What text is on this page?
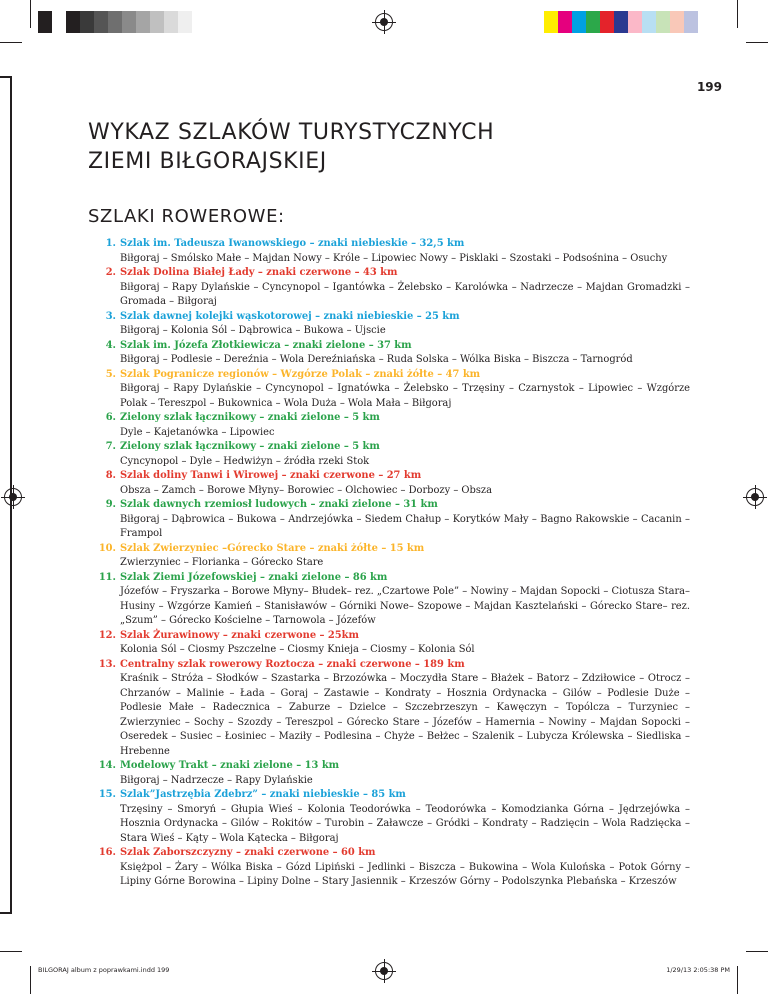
199
WYKAZ SZLAKÓW TURYSTYCZNYCH
ZIEMI BIŁGORAJSKIEJ
SZLAKI ROWEROWE:
1. Szlak im. Tadeusza Iwanowskiego – znaki niebieskie – 32,5 km
Biłgoraj – Smólsko Małe – Majdan Nowy – Króle – Lipowiec Nowy – Pisklaki – Szostaki – Podsośnina – Osuchy
2. Szlak Dolina Białej Łady – znaki czerwone – 43 km
Biłgoraj – Rapy Dylańskie – Cyncynopol – Igantówka – Żelebsko – Karolówka – Nadrzecze – Majdan Gromadzki – Gromada – Biłgoraj
3. Szlak dawnej kolejki wąskotorowej – znaki niebieskie – 25 km
Biłgoraj – Kolonia Sól – Dąbrowica – Bukowa – Ujscie
4. Szlak im. Józefa Złotkiewicza – znaki zielone – 37 km
Biłgoraj – Podlesie – Dereźnia – Wola Dereźniańska – Ruda Solska – Wólka Biska – Biszcza – Tarnogród
5. Szlak Pogranicze regionów – Wzgórze Polak – znaki żółte – 47 km
Biłgoraj – Rapy Dylańskie – Cyncynopol – Ignatówka – Żelebsko – Trzęsiny – Czarnystok – Lipowiec – Wzgórze Polak – Tereszpol – Bukownica – Wola Duża – Wola Mała – Biłgoraj
6. Zielony szlak łącznikowy – znaki zielone – 5 km
Dyle – Kajetanówka – Lipowiec
7. Zielony szlak łącznikowy – znaki zielone – 5 km
Cyncynopol – Dyle – Hedwiżyn – źródła rzeki Stok
8. Szlak doliny Tanwi i Wirowej – znaki czerwone – 27 km
Obsza – Zamch – Borowe Młyny– Borowiec – Olchowiec – Dorbozy – Obsza
9. Szlak dawnych rzemiosł ludowych – znaki zielone – 31 km
Biłgoraj – Dąbrowica – Bukowa – Andrzejówka – Siedem Chałup – Korytków Mały – Bagno Rakowskie – Cacanin – Frampol
10. Szlak Zwierzyniec –Górecko Stare – znaki żółte – 15 km
Zwierzyniec – Florianka – Górecko Stare
11. Szlak Ziemi Józefowskiej – znaki zielone – 86 km
Józefów – Fryszarka – Borowe Młyny– Błudek– rez. „Czartowe Pole” – Nowiny – Majdan Sopocki – Ciotusza Stara– Husiny – Wzgórze Kamień – Stanisławów – Górniki Nowe– Szopowe – Majdan Kasztelański – Górecko Stare– rez. „Szum” – Górecko Kościelne – Tarnowola – Józefów
12. Szlak Żurawinowy – znaki czerwone – 25km
Kolonia Sól – Ciosmy Pszczelne – Ciosmy Knieja – Ciosmy – Kolonia Sól
13. Centralny szlak rowerowy Roztocza – znaki czerwone – 189 km
Kraśnik – Stróża – Słodków – Szastarka – Brzozówka – Moczydła Stare – Błażek – Batorz – Zdziłowice – Otrocz – Chrzanów – Malinie – Łada – Goraj – Zastawie – Kondraty – Hosznia Ordynacka – Gilów – Podlesie Duże – Podlesie Małe – Radecznica – Zaburze – Dzielce – Szczebrzeszyn – Kawęczyn – Topólcza – Turzyniec – Zwierzyniec – Sochy – Szozdy – Tereszpol – Górecko Stare – Józefów – Hamernia – Nowiny – Majdan Sopocki – Oseredek – Susiec – Łosiniec – Maziły – Podlesina – Chyże – Bełżec – Szalenik – Lubycza Królewska – Siedliska – Hrebenne
14. Modelowy Trakt – znaki zielone – 13 km
Biłgoraj – Nadrzecze – Rapy Dylańskie
15. Szlak”Jastrzębia Zdebrz” – znaki niebieskie – 85 km
Trzęsiny – Smoryń – Głupia Wieś – Kolonia Teodorówka – Teodorówka – Komodzianka Górna – Jędrzejówka – Hosznia Ordynacka – Gilów – Rokitów – Turobin – Załawcze – Gródki – Kondraty – Radzięcin – Wola Radzięcka – Stara Wieś – Kąty – Wola Kątecka – Biłgoraj
16. Szlak Zaborszczyzny – znaki czerwone – 60 km
Księżpol – Żary – Wólka Biska – Gózd Lipiński – Jedlinki – Biszcza – Bukowina – Wola Kulońska – Potok Górny – Lipiny Górne Borowina – Lipiny Dolne – Stary Jasiennik – Krzeszów Górny – Podolszynka Plebańska – Krzeszów
BILGORAJ album z poprawkami.indd 199	1/29/13 2:05:38 PM
